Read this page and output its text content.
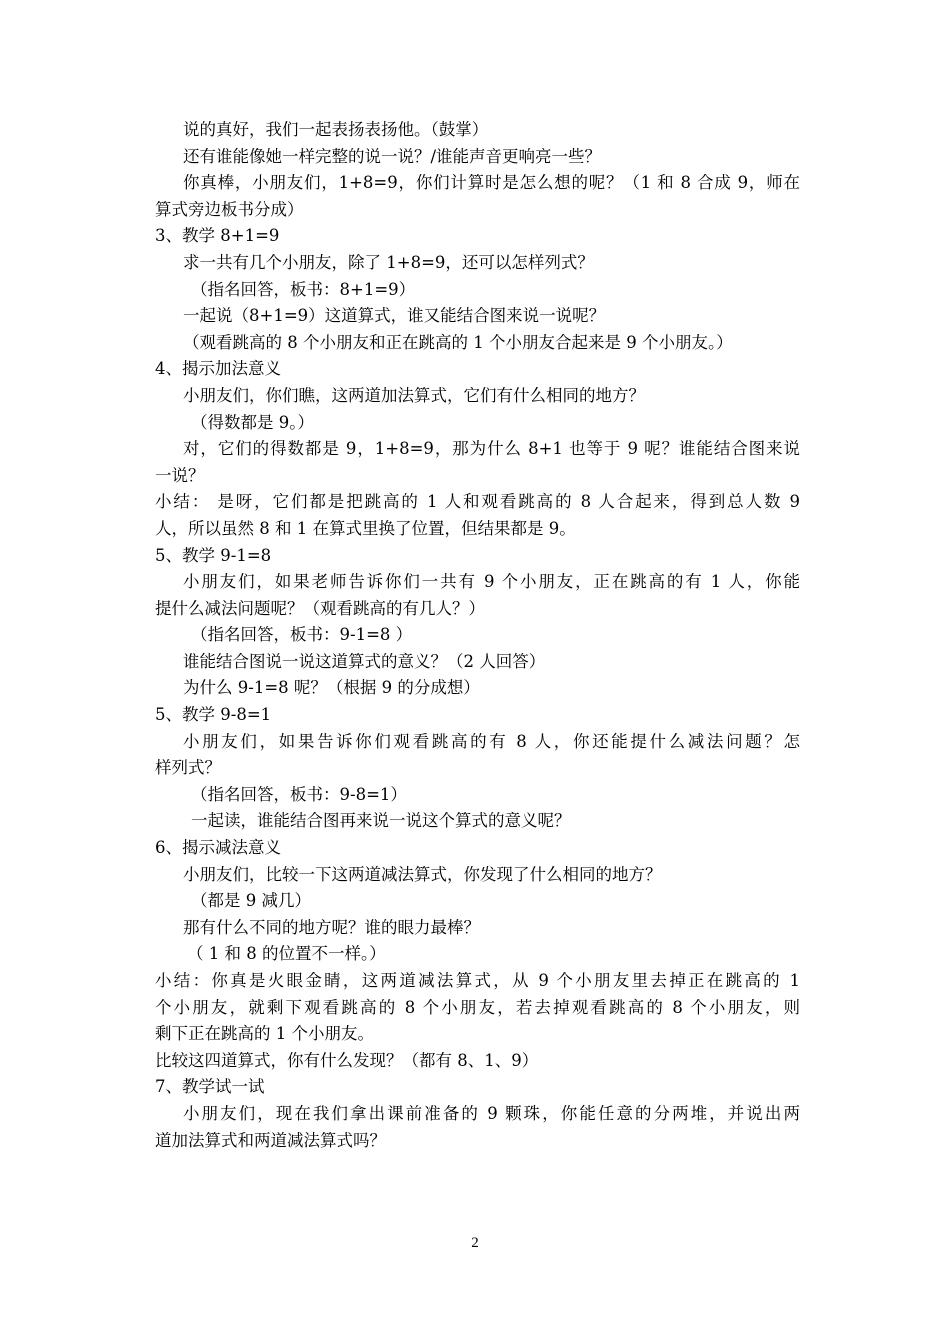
说的真好，我们一起表扬表扬他。（鼓掌）
还有谁能像她一样完整的说一说？/谁能声音更响亮一些？
你真棒，小朋友们，1+8=9，你们计算时是怎么想的呢？（1 和 8 合成 9，师在
算式旁边板书分成）
3、教学 8+1=9
求一共有几个小朋友，除了 1+8=9，还可以怎样列式？
（指名回答，板书：8+1=9）
一起说（8+1=9）这道算式，谁又能结合图来说一说呢？
（观看跳高的 8 个小朋友和正在跳高的 1 个小朋友合起来是 9 个小朋友。）
4、揭示加法意义
小朋友们，你们瞧，这两道加法算式，它们有什么相同的地方？
（得数都是 9。）
对，它们的得数都是 9，1+8=9，那为什么 8+1 也等于 9 呢？谁能结合图来说
一说？
小结： 是呀，它们都是把跳高的 1 人和观看跳高的 8 人合起来，得到总人数 9
人，所以虽然 8 和 1 在算式里换了位置，但结果都是 9。
5、教学 9-1=8
小朋友们，如果老师告诉你们一共有 9 个小朋友，正在跳高的有 1 人，你能
提什么减法问题呢？（观看跳高的有几人？）
（指名回答，板书：9-1=8 ）
谁能结合图说一说这道算式的意义？（2 人回答）
为什么 9-1=8 呢？（根据 9 的分成想）
5、教学 9-8=1
小朋友们，如果告诉你们观看跳高的有 8 人，你还能提什么减法问题？怎
样列式？
（指名回答，板书：9-8=1）
一起读，谁能结合图再来说一说这个算式的意义呢？
6、揭示减法意义
小朋友们，比较一下这两道减法算式，你发现了什么相同的地方？
（都是 9 减几）
那有什么不同的地方呢？谁的眼力最棒？
（ 1 和 8 的位置不一样。）
小结：你真是火眼金睛，这两道减法算式，从 9 个小朋友里去掉正在跳高的 1
个小朋友，就剩下观看跳高的 8 个小朋友，若去掉观看跳高的 8 个小朋友，则
剩下正在跳高的 1 个小朋友。
比较这四道算式，你有什么发现？（都有 8、1、9）
7、教学试一试
小朋友们，现在我们拿出课前准备的 9 颗珠，你能任意的分两堆，并说出两
道加法算式和两道减法算式吗？
2
